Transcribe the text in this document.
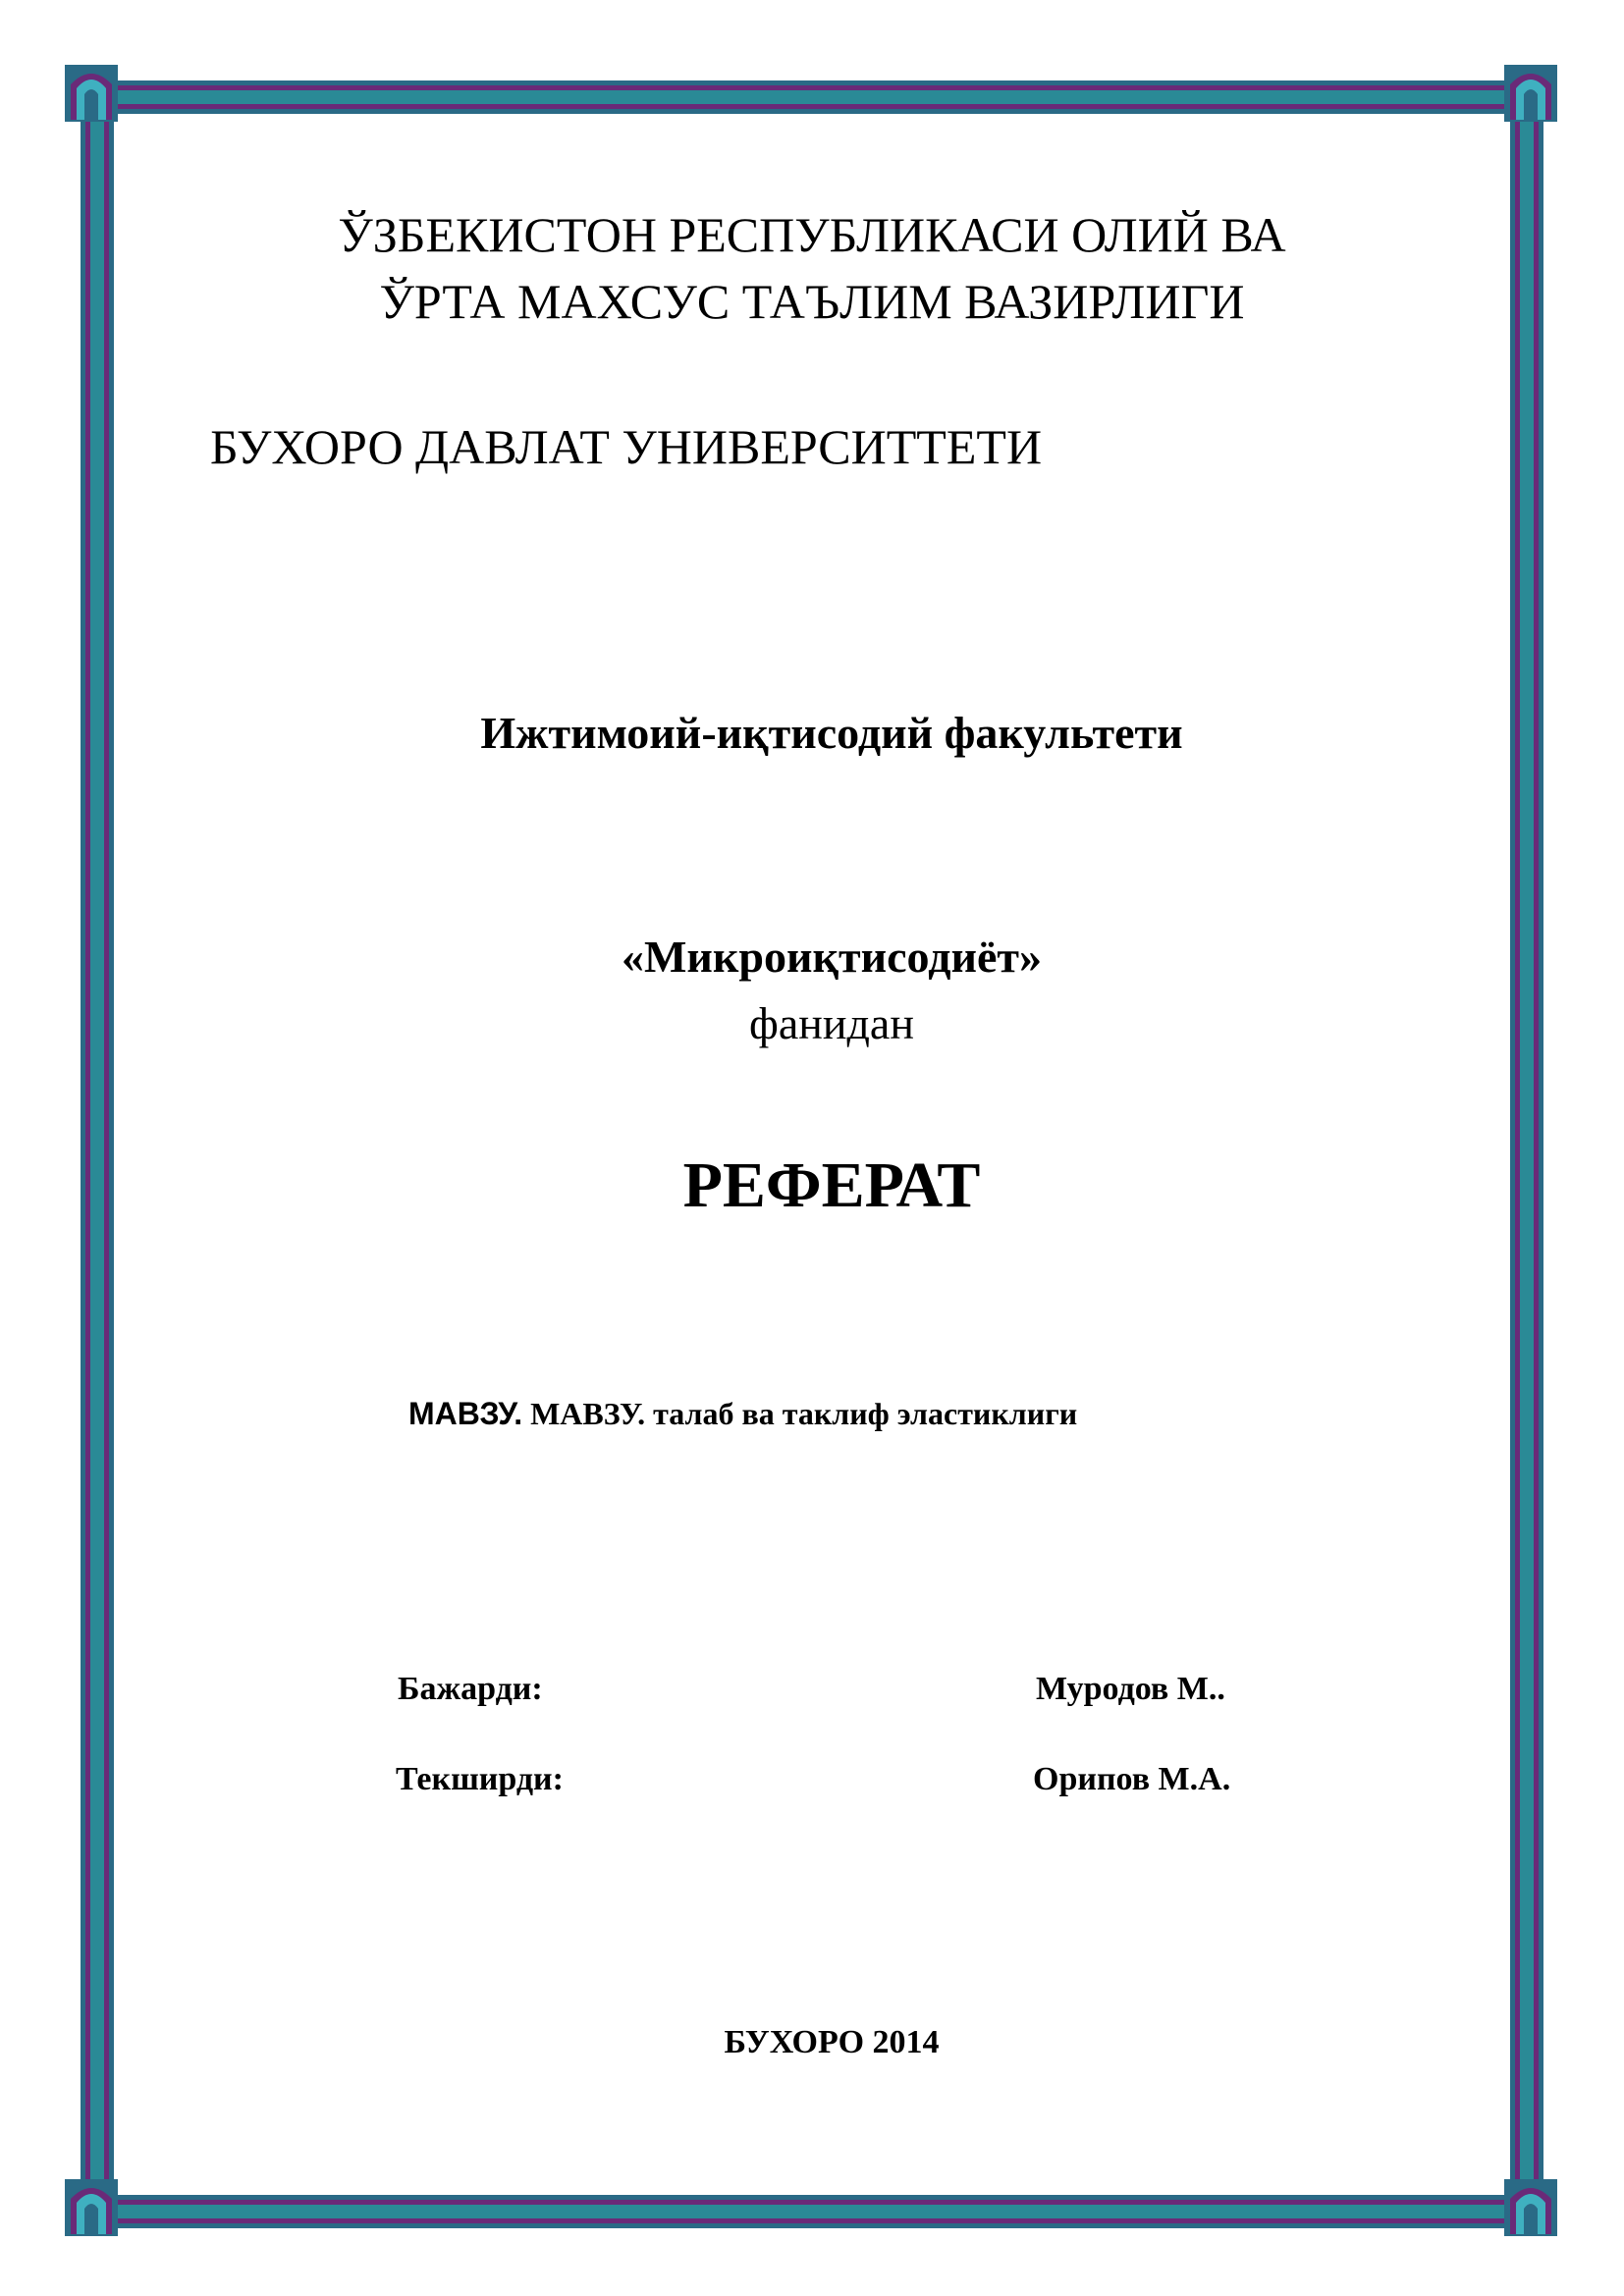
ЎЗБЕКИСТОН РЕСПУБЛИКАСИ ОЛИЙ ВА
ЎРТА МАХСУС ТАЪЛИМ ВАЗИРЛИГИ
БУХОРО ДАВЛАТ УНИВЕРСИТТЕТИ
Ижтимоий-иқтисодий факультети
«Микроиқтисодиёт»
фанидан
РЕФЕРАТ
МАВЗУ. МАВЗУ. талаб ва таклиф эластиклиги
Бажарди:	Муродов М..
Текширди:	Орипов М.А.
БУХОРО 2014
